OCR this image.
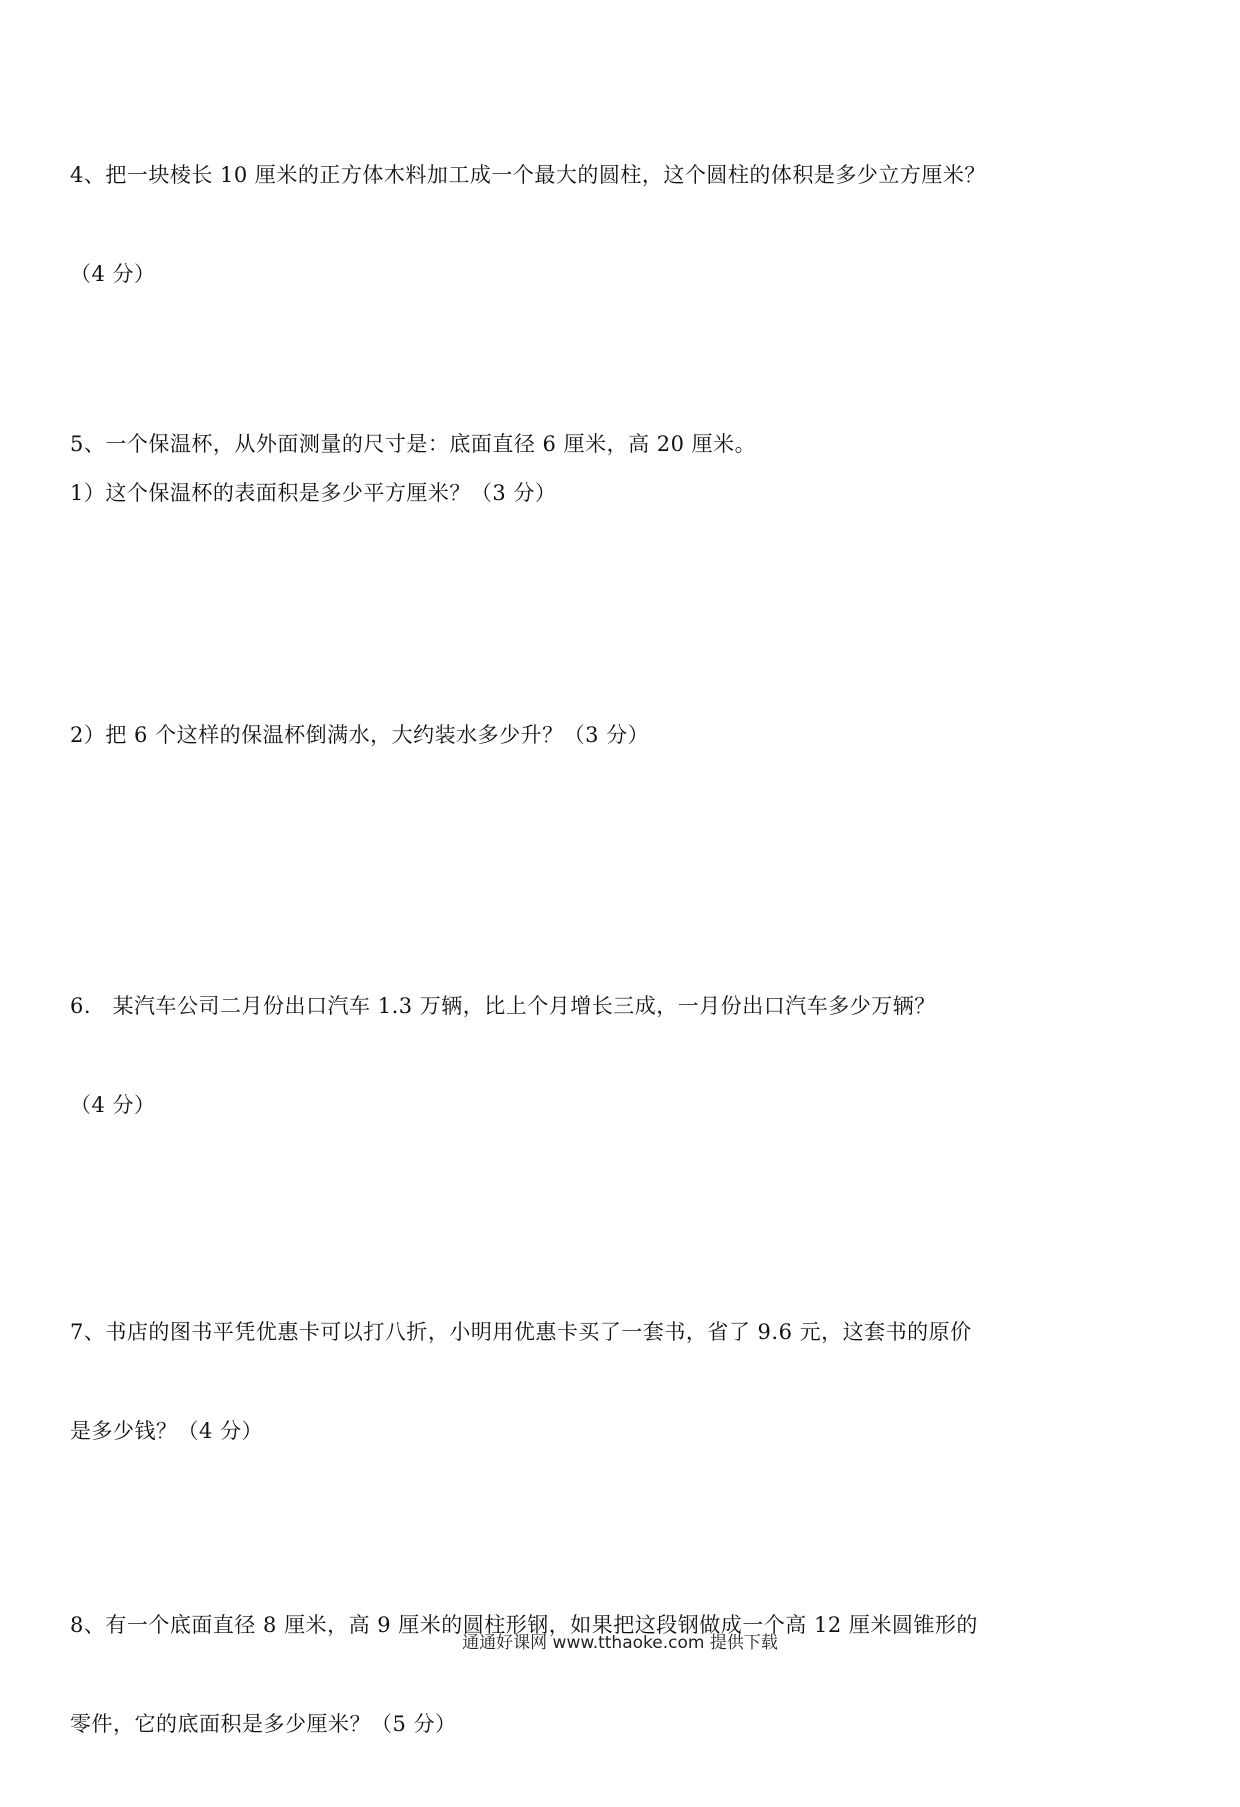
4、把一块棱长 10 厘米的正方体木料加工成一个最大的圆柱，这个圆柱的体积是多少立方厘米？

（4 分）

5、一个保温杯，从外面测量的尺寸是：底面直径 6 厘米，高 20 厘米。

1）这个保温杯的表面积是多少平方厘米？（3 分）

2）把 6 个这样的保温杯倒满水，大约装水多少升？（3 分）

6.   某汽车公司二月份出口汽车 1.3 万辆，比上个月增长三成，一月份出口汽车多少万辆？

（4 分）

7、书店的图书平凭优惠卡可以打八折，小明用优惠卡买了一套书，省了 9.6 元，这套书的原价

是多少钱？（4 分）

8、有一个底面直径 8 厘米，高 9 厘米的圆柱形钢，如果把这段钢做成一个高 12 厘米圆锥形的

零件，它的底面积是多少厘米？（5 分）

通通好课网 www.tthaoke.com 提供下载
